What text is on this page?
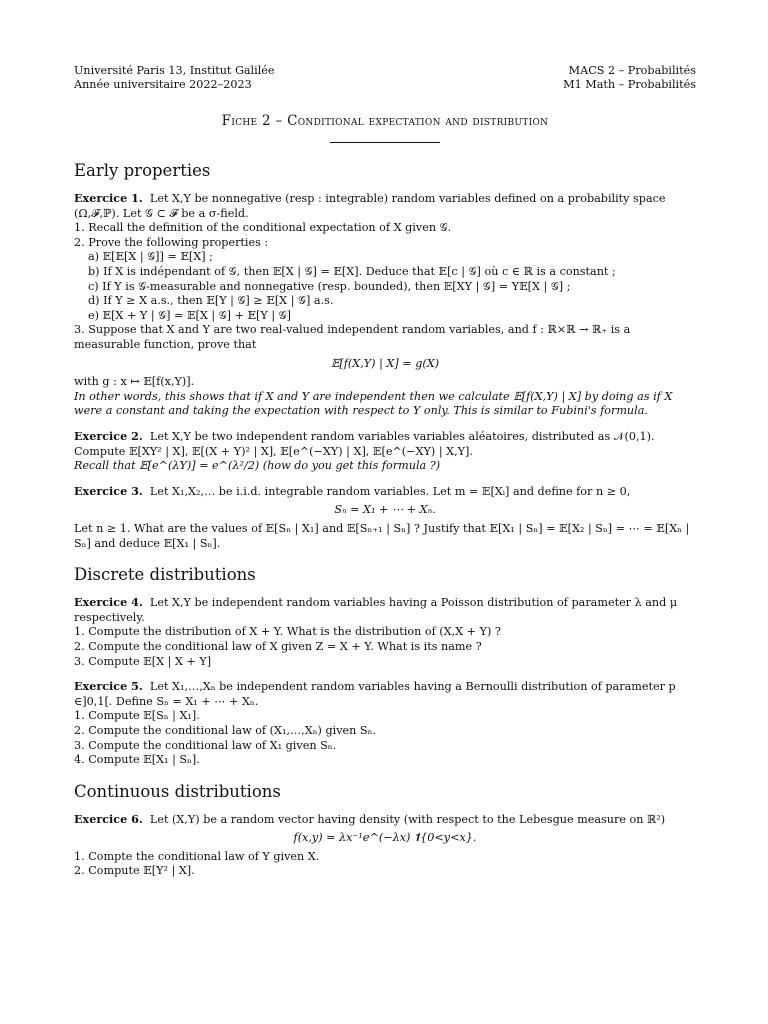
Université Paris 13, Institut Galilée
Année universitaire 2022–2023
MACS 2 – Probabilités
M1 Math – Probabilités
Fiche 2 – Conditional expectation and distribution
Early properties

Exercice 1. Let X,Y be nonnegative (resp : integrable) random variables defined on a probability space (Ω,𝓕,ℙ). Let 𝒢 ⊂ 𝓕 be a σ-field.

1. Recall the definition of the conditional expectation of X given 𝒢.

2. Prove the following properties :

a) 𝔼[𝔼[X | 𝒢]] = 𝔼[X] ;

b) If X is indépendant of 𝒢, then 𝔼[X | 𝒢] = 𝔼[X]. Deduce that 𝔼[c | 𝒢] où c ∈ ℝ is a constant ;

c) If Y is 𝒢-measurable and nonnegative (resp. bounded), then 𝔼[XY | 𝒢] = Y𝔼[X | 𝒢] ;

d) If Y ≥ X a.s., then 𝔼[Y | 𝒢] ≥ 𝔼[X | 𝒢] a.s.

e) 𝔼[X + Y | 𝒢] = 𝔼[X | 𝒢] + 𝔼[Y | 𝒢]

3. Suppose that X and Y are two real-valued independent random variables, and f : ℝ×ℝ → ℝ₊ is a measurable function, prove that

𝔼[f(X,Y) | X] = g(X)

with g : x ↦ 𝔼[f(x,Y)].

In other words, this shows that if X and Y are independent then we calculate 𝔼[f(X,Y) | X] by doing as if X were a constant and taking the expectation with respect to Y only. This is similar to Fubini's formula.

Exercice 2. Let X,Y be two independent random variables variables aléatoires, distributed as 𝒩(0,1).

Compute 𝔼[XY² | X], 𝔼[(X + Y)² | X], 𝔼[e^(−XY) | X], 𝔼[e^(−XY) | X,Y].

Recall that 𝔼[e^(λY)] = e^(λ²/2) (how do you get this formula ?)

Exercice 3. Let X₁,X₂,… be i.i.d. integrable random variables. Let m = 𝔼[Xᵢ] and define for n ≥ 0,

Sₙ = X₁ + ⋯ + Xₙ.

Let n ≥ 1. What are the values of 𝔼[Sₙ | X₁] and 𝔼[Sₙ₊₁ | Sₙ] ? Justify that 𝔼[X₁ | Sₙ] = 𝔼[X₂ | Sₙ] = ⋯ = 𝔼[Xₙ | Sₙ] and deduce 𝔼[X₁ | Sₙ].

Discrete distributions

Exercice 4. Let X,Y be independent random variables having a Poisson distribution of parameter λ and μ respectively.

1. Compute the distribution of X + Y. What is the distribution of (X,X + Y) ?

2. Compute the conditional law of X given Z = X + Y. What is its name ?

3. Compute 𝔼[X | X + Y]

Exercice 5. Let X₁,…,Xₙ be independent random variables having a Bernoulli distribution of parameter p ∈]0,1[. Define Sₙ = X₁ + ⋯ + Xₙ.

1. Compute 𝔼[Sₙ | X₁].

2. Compute the conditional law of (X₁,…,Xₙ) given Sₙ.

3. Compute the conditional law of X₁ given Sₙ.

4. Compute 𝔼[X₁ | Sₙ].

Continuous distributions

Exercice 6. Let (X,Y) be a random vector having density (with respect to the Lebesgue measure on ℝ²)

f(x,y) = λx⁻¹e^(−λx) 𝟏{0<y<x}.

1. Compte the conditional law of Y given X.

2. Compute 𝔼[Y² | X].
